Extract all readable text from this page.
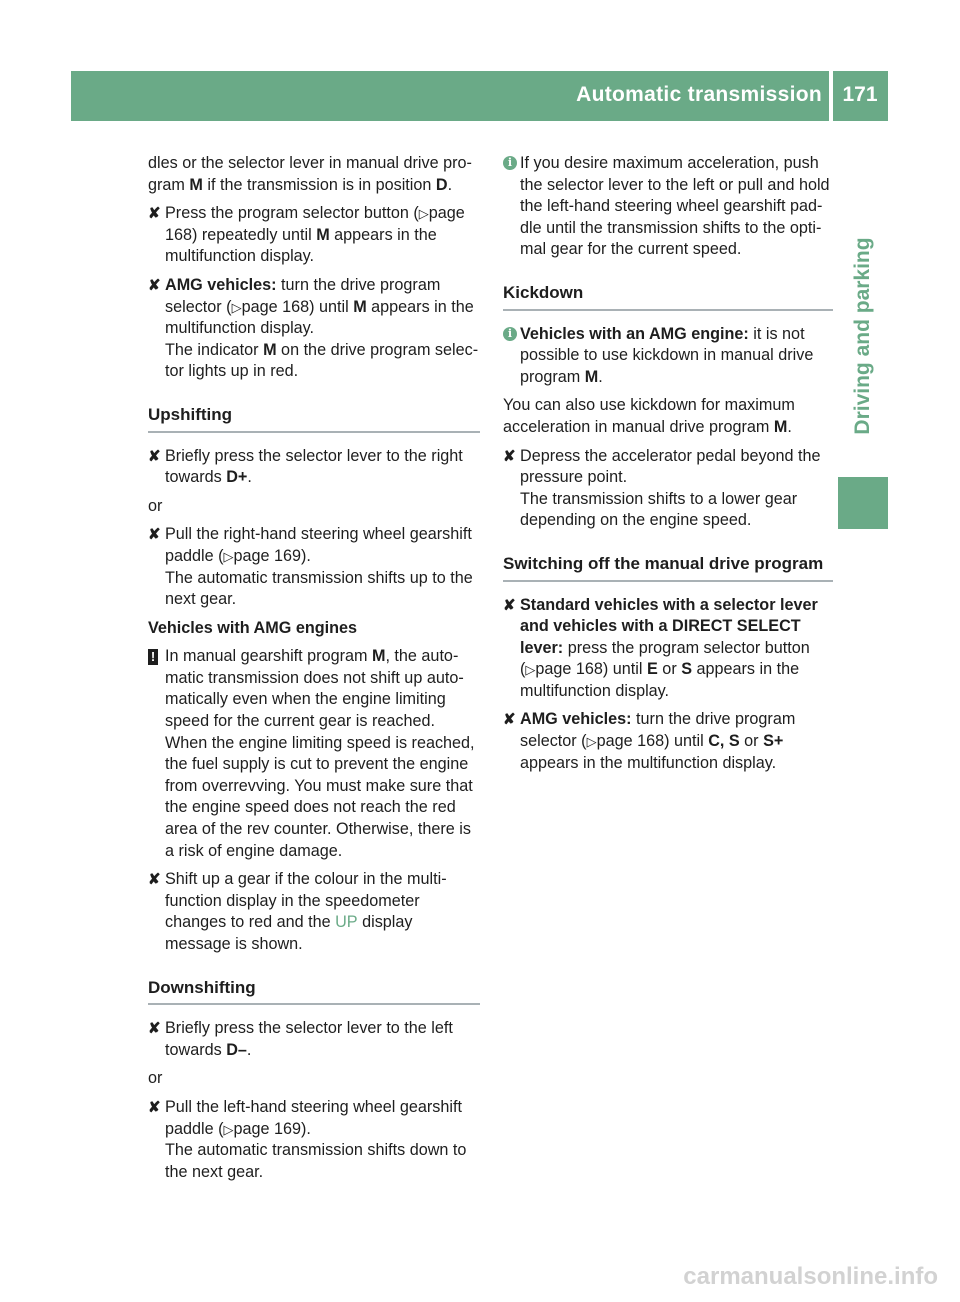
Automatic transmission 171
Driving and parking

dles or the selector lever in manual drive pro-gram M if the transmission is in position D.

✘ Press the program selector button (▷page 168) repeatedly until M appears in the multifunction display.
✘ AMG vehicles: turn the drive program selector (▷page 168) until M appears in the multifunction display.
The indicator M on the drive program selec-tor lights up in red.
Upshifting
✘ Briefly press the selector lever to the right towards D+.

or

✘ Pull the right-hand steering wheel gearshift paddle (▷page 169).
The automatic transmission shifts up to the next gear.

Vehicles with AMG engines

! In manual gearshift program M, the auto-matic transmission does not shift up auto-matically even when the engine limiting speed for the current gear is reached. When the engine limiting speed is reached, the fuel supply is cut to prevent the engine from overrevving. You must make sure that the engine speed does not reach the red area of the rev counter. Otherwise, there is a risk of engine damage.
✘ Shift up a gear if the colour in the multi-function display in the speedometer changes to red and the UP display message is shown.
Downshifting
✘ Briefly press the selector lever to the left towards D–.

or

✘ Pull the left-hand steering wheel gearshift paddle (▷page 169).
The automatic transmission shifts down to the next gear.
i If you desire maximum acceleration, push the selector lever to the left or pull and hold the left-hand steering wheel gearshift pad-dle until the transmission shifts to the opti-mal gear for the current speed.
Kickdown
i Vehicles with an AMG engine: it is not possible to use kickdown in manual drive program M.

You can also use kickdown for maximum acceleration in manual drive program M.

✘ Depress the accelerator pedal beyond the pressure point.
The transmission shifts to a lower gear depending on the engine speed.
Switching off the manual drive program
✘ Standard vehicles with a selector lever and vehicles with a DIRECT SELECT lever: press the program selector button (▷page 168) until E or S appears in the multifunction display.
✘ AMG vehicles: turn the drive program selector (▷page 168) until C, S or S+ appears in the multifunction display.
carmanualsonline.info
